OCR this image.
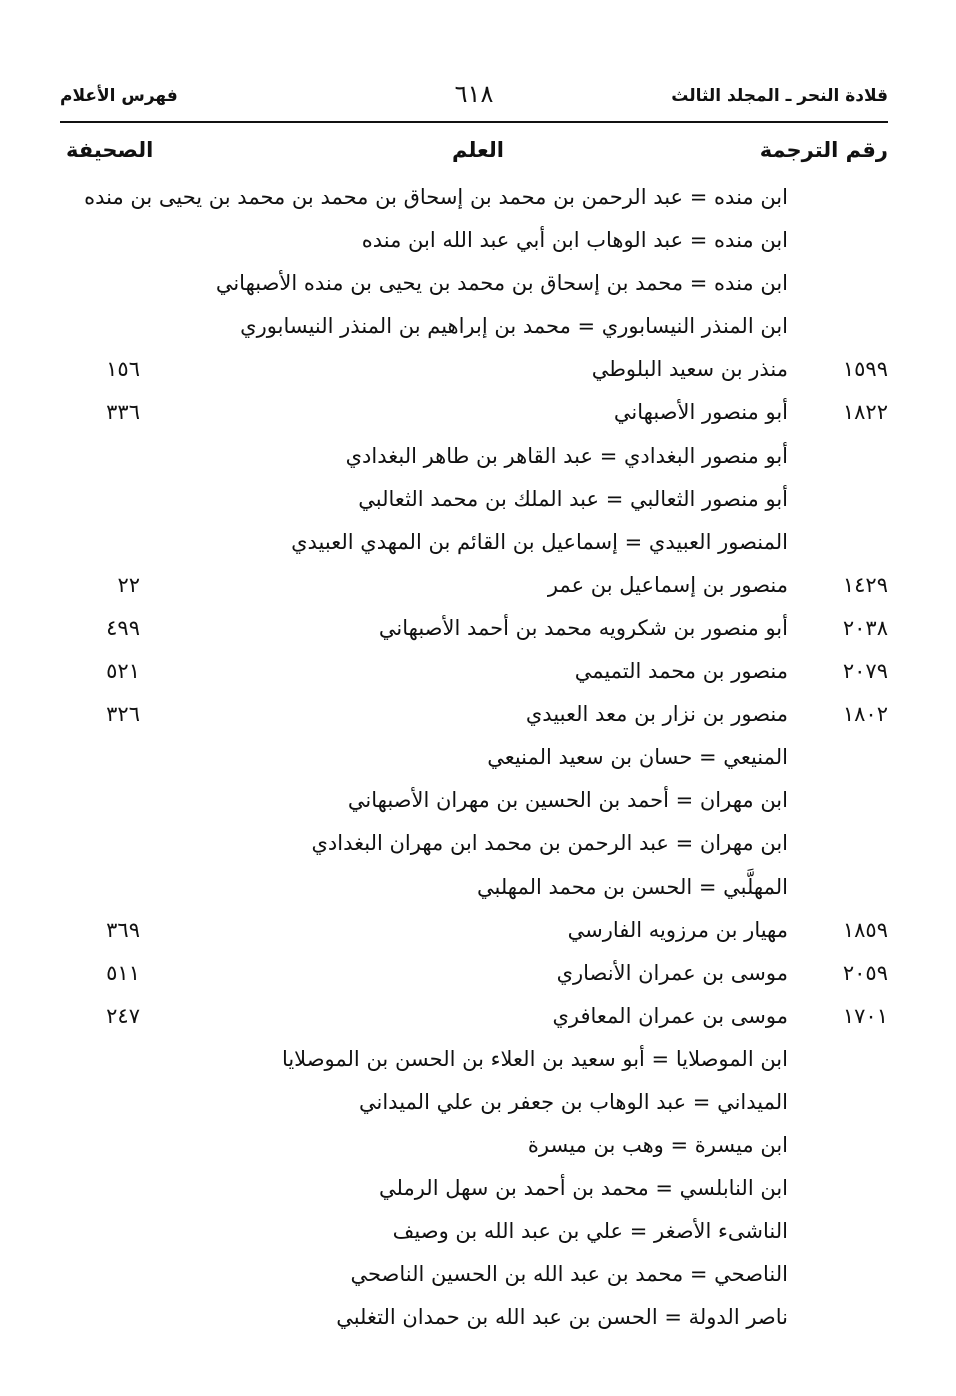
قلادة النحر ـ المجلد الثالث
٦١٨
فهرس الأعلام
رقم الترجمة
العلم
الصحيفة
ابن منده = عبد الرحمن بن محمد بن إسحاق بن محمد بن محمد بن يحيى بن منده
ابن منده = عبد الوهاب ابن أبي عبد الله ابن منده
ابن منده = محمد بن إسحاق بن محمد بن يحيى بن منده الأصبهاني
ابن المنذر النيسابوري = محمد بن إبراهيم بن المنذر النيسابوري
١٥٩٩
منذر بن سعيد البلوطي
١٥٦
١٨٢٢
أبو منصور الأصبهاني
٣٣٦
أبو منصور البغدادي = عبد القاهر بن طاهر البغدادي
أبو منصور الثعالبي = عبد الملك بن محمد الثعالبي
المنصور العبيدي = إسماعيل بن القائم بن المهدي العبيدي
١٤٢٩
منصور بن إسماعيل بن عمر
٢٢
٢٠٣٨
أبو منصور بن شكرويه محمد بن أحمد الأصبهاني
٤٩٩
٢٠٧٩
منصور بن محمد التميمي
٥٢١
١٨٠٢
منصور بن نزار بن معد العبيدي
٣٢٦
المنيعي = حسان بن سعيد المنيعي
ابن مهران = أحمد بن الحسين بن مهران الأصبهاني
ابن مهران = عبد الرحمن بن محمد ابن مهران البغدادي
المهلَّبي = الحسن بن محمد المهلبي
١٨٥٩
مهيار بن مرزويه الفارسي
٣٦٩
٢٠٥٩
موسى بن عمران الأنصاري
٥١١
١٧٠١
موسى بن عمران المعافري
٢٤٧
ابن الموصلايا = أبو سعيد بن العلاء بن الحسن بن الموصلايا
الميداني = عبد الوهاب بن جعفر بن علي الميداني
ابن ميسرة = وهب بن ميسرة
ابن النابلسي = محمد بن أحمد بن سهل الرملي
الناشىء الأصغر = علي بن عبد الله بن وصيف
الناصحي = محمد بن عبد الله بن الحسين الناصحي
ناصر الدولة = الحسن بن عبد الله بن حمدان التغلبي
